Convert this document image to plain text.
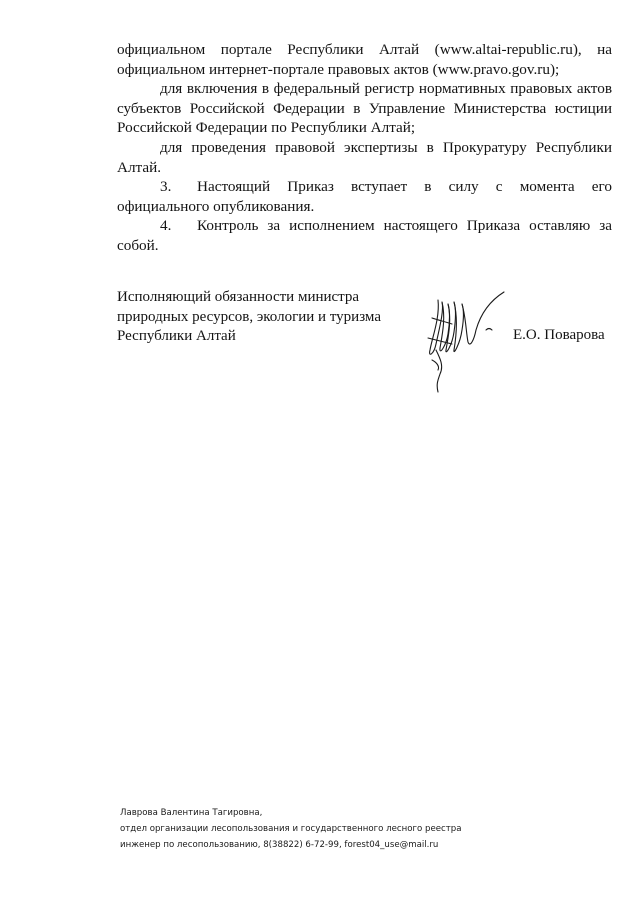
официальном портале Республики Алтай (www.altai-republic.ru), на официальном интернет-портале правовых актов (www.pravo.gov.ru);

для включения в федеральный регистр нормативных правовых актов субъектов Российской Федерации в Управление Министерства юстиции Российской Федерации по Республики Алтай;

для проведения правовой экспертизы в Прокуратуру Республики Алтай.

3. Настоящий Приказ вступает в силу с момента его официального опубликования.

4. Контроль за исполнением настоящего Приказа оставляю за собой.

Исполняющий обязанности министра
природных ресурсов, экологии и туризма
Республики Алтай	Е.О. Поварова
Лаврова Валентина Тагировна,
отдел организации лесопользования и государственного лесного реестра
инженер по лесопользованию, 8(38822) 6-72-99, forest04_use@mail.ru
